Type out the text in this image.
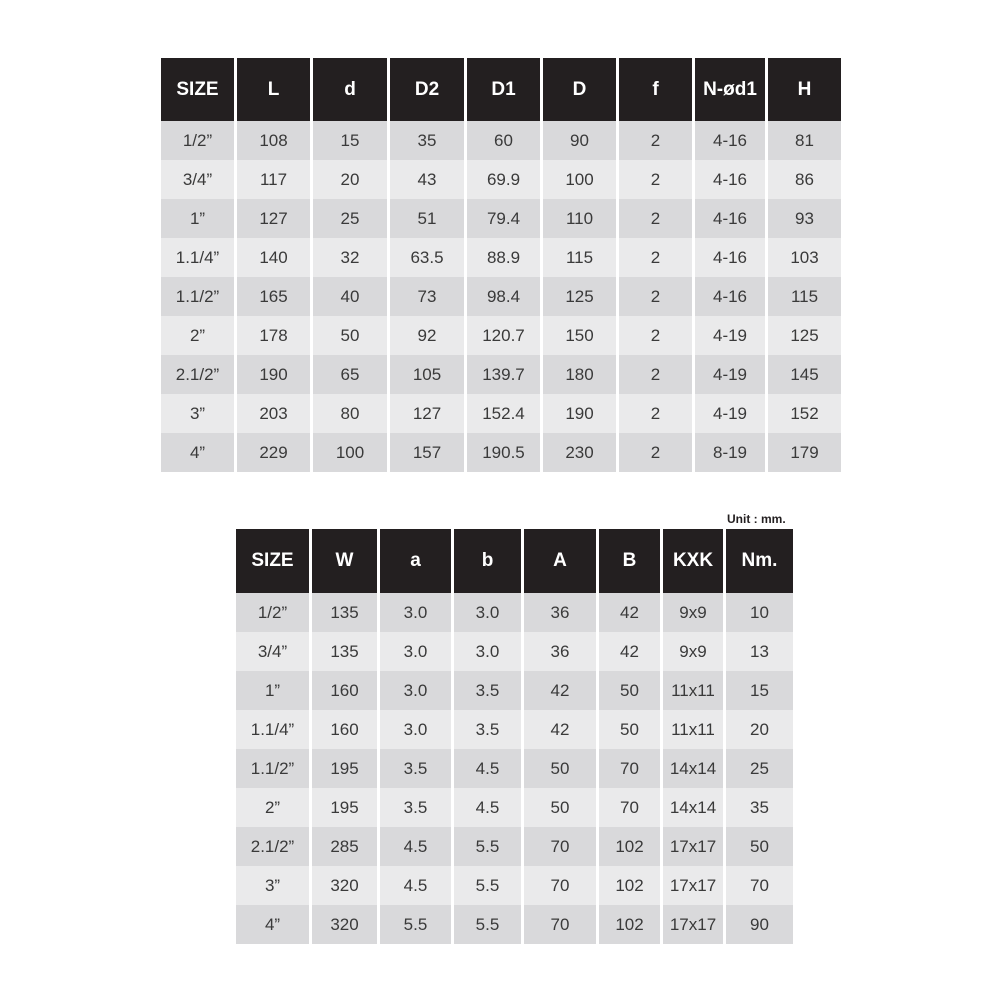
SIZE	L	d	D2	D1	D	f	N-ød1	H
1/2”	108	15	35	60	90	2	4-16	81
3/4”	117	20	43	69.9	100	2	4-16	86
1”	127	25	51	79.4	110	2	4-16	93
1.1/4”	140	32	63.5	88.9	115	2	4-16	103
1.1/2”	165	40	73	98.4	125	2	4-16	115
2”	178	50	92	120.7	150	2	4-19	125
2.1/2”	190	65	105	139.7	180	2	4-19	145
3”	203	80	127	152.4	190	2	4-19	152
4”	229	100	157	190.5	230	2	8-19	179
Unit : mm.
SIZE	W	a	b	A	B	KXK	Nm.
1/2”	135	3.0	3.0	36	42	9x9	10
3/4”	135	3.0	3.0	36	42	9x9	13
1”	160	3.0	3.5	42	50	11x11	15
1.1/4”	160	3.0	3.5	42	50	11x11	20
1.1/2”	195	3.5	4.5	50	70	14x14	25
2”	195	3.5	4.5	50	70	14x14	35
2.1/2”	285	4.5	5.5	70	102	17x17	50
3”	320	4.5	5.5	70	102	17x17	70
4”	320	5.5	5.5	70	102	17x17	90
